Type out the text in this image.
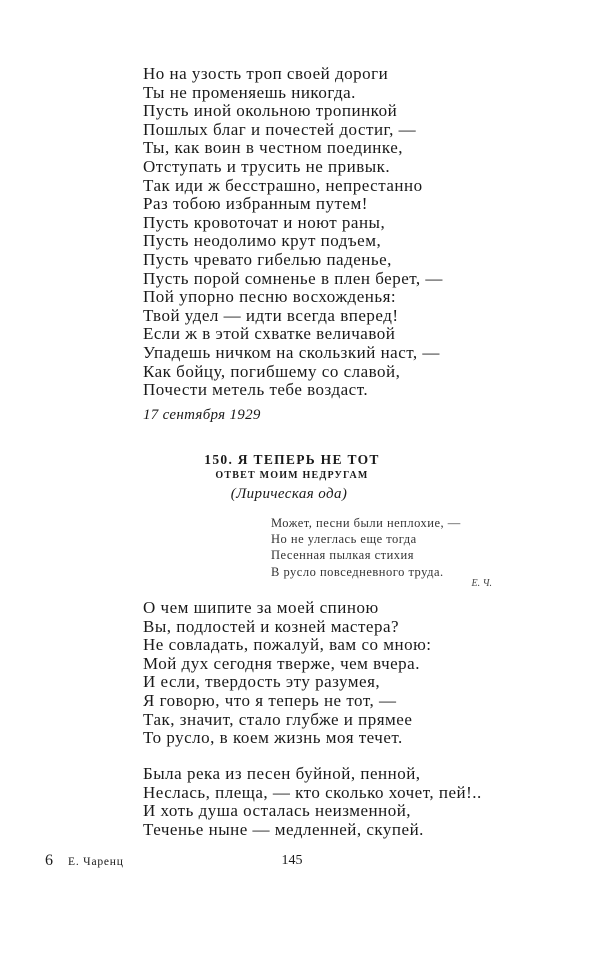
Но на узость троп своей дороги
Ты не променяешь никогда.
Пусть иной окольною тропинкой
Пошлых благ и почестей достиг, —
Ты, как воин в честном поединке,
Отступать и трусить не привык.
Так иди ж бесстрашно, непрестанно
Раз тобою избранным путем!
Пусть кровоточат и ноют раны,
Пусть неодолимо крут подъем,
Пусть чревато гибелью паденье,
Пусть порой сомненье в плен берет, —
Пой упорно песню восхожденья:
Твой удел — идти всегда вперед!
Если ж в этой схватке величавой
Упадешь ничком на скользкий наст, —
Как бойцу, погибшему со славой,
Почести метель тебе воздаст.
17 сентября 1929
150. Я ТЕПЕРЬ НЕ ТОТ
ОТВЕТ МОИМ НЕДРУГАМ
(Лирическая ода)
Может, песни были неплохие, —
Но не улеглась еще тогда
Песенная пылкая стихия
В русло повседневного труда.
Е. Ч.
О чем шипите за моей спиною
Вы, подлостей и козней мастера?
Не совладать, пожалуй, вам со мною:
Мой дух сегодня тверже, чем вчера.
И если, твердость эту разумея,
Я говорю, что я теперь не тот, —
Так, значит, стало глубже и прямее
То русло, в коем жизнь моя течет.
Была река из песен буйной, пенной,
Неслась, плеща, — кто сколько хочет, пей!..
И хоть душа осталась неизменной,
Теченье ныне — медленней, скупей.
6 Е. Чаренц	145
